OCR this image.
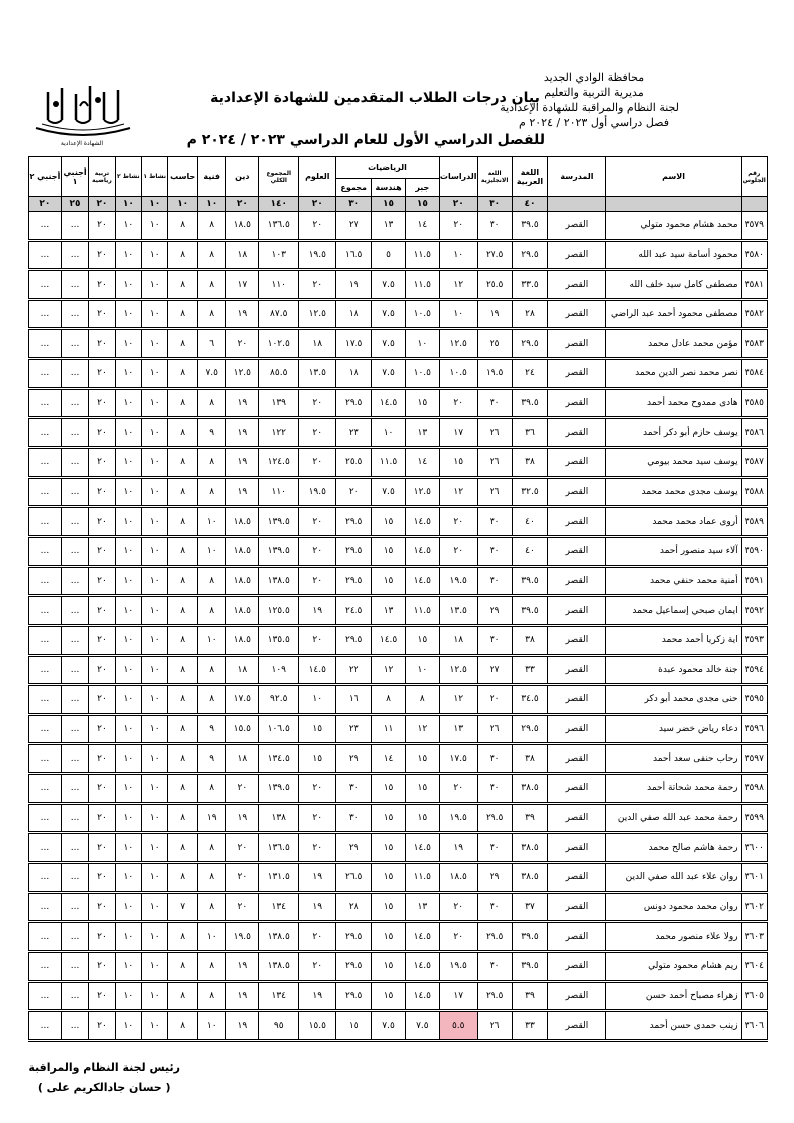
محافظة الوادي الجديد
مديرية التربية والتعليم
لجنة النظام والمراقبة للشهادة الإعدادية
فصل دراسي أول ٢٠٢٣ / ٢٠٢٤ م
بيان درجات الطلاب المتقدمين للشهادة الإعدادية
للفصل الدراسي الأول للعام الدراسي ٢٠٢٣ / ٢٠٢٤ م
الشهادة الإعدادية
رقم الجلوس	الاسم	المدرسة	اللغة العربية	اللغة الانجليزية	الدراسات	الرياضيات			العلوم	المجموع الكلي	دين	فنية	حاسب	نشاط ١	نشاط ٢	تربية رياضية	أجنبي ١	أجنبي ٢
						جبر	هندسة	مجموع										
			٤٠	٣٠	٢٠	١٥	١٥	٣٠	٢٠	١٤٠	٢٠	١٠	١٠	١٠	١٠	٢٠	٢٥	٢٠
٣٥٧٩	محمد هشام محمود متولي	القصر	٣٩.٥	٣٠	٢٠	١٤	١٣	٢٧	٢٠	١٣٦.٥	١٨.٥	٨	٨	١٠	١٠	٢٠	...	...
٣٥٨٠	محمود أسامة سيد عبد الله	القصر	٢٩.٥	٢٧.٥	١٠	١١.٥	٥	١٦.٥	١٩.٥	١٠٣	١٨	٨	٨	١٠	١٠	٢٠	...	...
٣٥٨١	مصطفى كامل سيد خلف الله	القصر	٣٣.٥	٢٥.٥	١٢	١١.٥	٧.٥	١٩	٢٠	١١٠	١٧	٨	٨	١٠	١٠	٢٠	...	...
٣٥٨٢	مصطفى محمود أحمد عبد الراضي	القصر	٢٨	١٩	١٠	١٠.٥	٧.٥	١٨	١٢.٥	٨٧.٥	١٩	٨	٨	١٠	١٠	٢٠	...	...
٣٥٨٣	مؤمن محمد عادل محمد	القصر	٢٩.٥	٢٥	١٢.٥	١٠	٧.٥	١٧.٥	١٨	١٠٢.٥	٢٠	٦	٨	١٠	١٠	٢٠	...	...
٣٥٨٤	نصر محمد نصر الدين محمد	القصر	٢٤	١٩.٥	١٠.٥	١٠.٥	٧.٥	١٨	١٣.٥	٨٥.٥	١٢.٥	٧.٥	٨	١٠	١٠	٢٠	...	...
٣٥٨٥	هادى ممدوح محمد أحمد	القصر	٣٩.٥	٣٠	٢٠	١٥	١٤.٥	٢٩.٥	٢٠	١٣٩	١٩	٨	٨	١٠	١٠	٢٠	...	...
٣٥٨٦	يوسف حازم أبو دكر أحمد	القصر	٣٦	٢٦	١٧	١٣	١٠	٢٣	٢٠	١٢٢	١٩	٩	٨	١٠	١٠	٢٠	...	...
٣٥٨٧	يوسف سيد محمد بيومي	القصر	٣٨	٢٦	١٥	١٤	١١.٥	٢٥.٥	٢٠	١٢٤.٥	١٩	٨	٨	١٠	١٠	٢٠	...	...
٣٥٨٨	يوسف مجدى محمد محمد	القصر	٣٢.٥	٢٦	١٢	١٢.٥	٧.٥	٢٠	١٩.٥	١١٠	١٩	٨	٨	١٠	١٠	٢٠	...	...
٣٥٨٩	أروى عماد محمد محمد	القصر	٤٠	٣٠	٢٠	١٤.٥	١٥	٢٩.٥	٢٠	١٣٩.٥	١٨.٥	١٠	٨	١٠	١٠	٢٠	...	...
٣٥٩٠	آلاء سيد منصور أحمد	القصر	٤٠	٣٠	٢٠	١٤.٥	١٥	٢٩.٥	٢٠	١٣٩.٥	١٨.٥	١٠	٨	١٠	١٠	٢٠	...	...
٣٥٩١	أمنية محمد حنفي محمد	القصر	٣٩.٥	٣٠	١٩.٥	١٤.٥	١٥	٢٩.٥	٢٠	١٣٨.٥	١٨.٥	٨	٨	١٠	١٠	٢٠	...	...
٣٥٩٢	ايمان صبحي إسماعيل محمد	القصر	٣٩.٥	٢٩	١٣.٥	١١.٥	١٣	٢٤.٥	١٩	١٢٥.٥	١٨.٥	٨	٨	١٠	١٠	٢٠	...	...
٣٥٩٣	اية زكريا أحمد محمد	القصر	٣٨	٣٠	١٨	١٥	١٤.٥	٢٩.٥	٢٠	١٣٥.٥	١٨.٥	١٠	٨	١٠	١٠	٢٠	...	...
٣٥٩٤	جنة خالد محمود عبدة	القصر	٣٣	٢٧	١٢.٥	١٠	١٢	٢٢	١٤.٥	١٠٩	١٨	٨	٨	١٠	١٠	٢٠	...	...
٣٥٩٥	حنى مجدى محمد أبو دكر	القصر	٣٤.٥	٢٠	١٢	٨	٨	١٦	١٠	٩٢.٥	١٧.٥	٨	٨	١٠	١٠	٢٠	...	...
٣٥٩٦	دعاء رياض خضر سيد	القصر	٢٩.٥	٢٦	١٣	١٢	١١	٢٣	١٥	١٠٦.٥	١٥.٥	٩	٨	١٠	١٠	٢٠	...	...
٣٥٩٧	رحاب حنفى سعد أحمد	القصر	٣٨	٣٠	١٧.٥	١٥	١٤	٢٩	١٥	١٣٤.٥	١٨	٩	٨	١٠	١٠	٢٠	...	...
٣٥٩٨	رحمة محمد شحاتة أحمد	القصر	٣٨.٥	٣٠	٢٠	١٥	١٥	٣٠	٢٠	١٣٩.٥	٢٠	٨	٨	١٠	١٠	٢٠	...	...
٣٥٩٩	رحمة محمد عبد الله صفي الدين	القصر	٣٩	٢٩.٥	١٩.٥	١٥	١٥	٣٠	٢٠	١٣٨	١٩	١٩	٨	١٠	١٠	٢٠	...	...
٣٦٠٠	رحمة هاشم صالح محمد	القصر	٣٨.٥	٣٠	١٩	١٤.٥	١٥	٢٩	٢٠	١٣٦.٥	٢٠	٨	٨	١٠	١٠	٢٠	...	...
٣٦٠١	روان علاء عبد الله صفي الدين	القصر	٣٨.٥	٢٩	١٨.٥	١١.٥	١٥	٢٦.٥	١٩	١٣١.٥	٢٠	٨	٨	١٠	١٠	٢٠	...	...
٣٦٠٢	روان محمد محمود دونس	القصر	٣٧	٣٠	٢٠	١٣	١٥	٢٨	١٩	١٣٤	٢٠	٨	٧	١٠	١٠	٢٠	...	...
٣٦٠٣	رولا علاء منصور محمد	القصر	٣٩.٥	٢٩.٥	٢٠	١٤.٥	١٥	٢٩.٥	٢٠	١٣٨.٥	١٩.٥	١٠	٨	١٠	١٠	٢٠	...	...
٣٦٠٤	ريم هشام محمود متولي	القصر	٣٩.٥	٣٠	١٩.٥	١٤.٥	١٥	٢٩.٥	٢٠	١٣٨.٥	١٩	٨	٨	١٠	١٠	٢٠	...	...
٣٦٠٥	زهراء مصباح أحمد حسن	القصر	٣٩	٢٩.٥	١٧	١٤.٥	١٥	٢٩.٥	١٩	١٣٤	١٩	٨	٨	١٠	١٠	٢٠	...	...
٣٦٠٦	زينب حمدى حسن أحمد	القصر	٣٣	٢٦	٥.٥	٧.٥	٧.٥	١٥	١٥.٥	٩٥	١٩	١٠	٨	١٠	١٠	٢٠	...	...
رئيس لجنة النظام والمراقبة
( حسان جادالكريم على )
